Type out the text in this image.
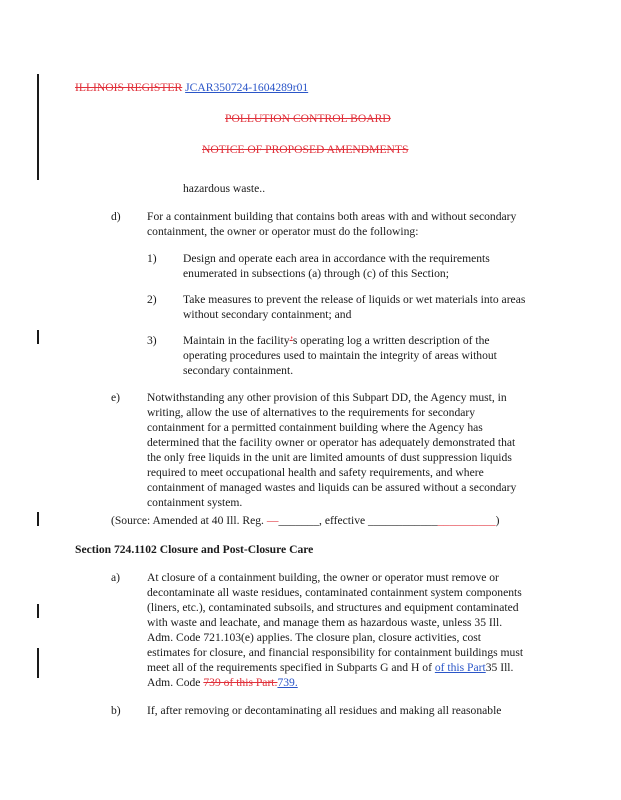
ILLINOIS REGISTER JCAR350724-1604289r01
POLLUTION CONTROL BOARD
NOTICE OF PROPOSED AMENDMENTS
hazardous waste..
d) For a containment building that contains both areas with and without secondary
containment, the owner or operator must do the following:
1) Design and operate each area in accordance with the requirements
enumerated in subsections (a) through (c) of this Section;
2) Take measures to prevent the release of liquids or wet materials into areas
without secondary containment; and
3) Maintain in the facility’s operating log a written description of the
operating procedures used to maintain the integrity of areas without
secondary containment.
e) Notwithstanding any other provision of this Subpart DD, the Agency must, in
writing, allow the use of alternatives to the requirements for secondary
containment for a permitted containment building where the Agency has
determined that the facility owner or operator has adequately demonstrated that
the only free liquids in the unit are limited amounts of dust suppression liquids
required to meet occupational health and safety requirements, and where
containment of managed wastes and liquids can be assured without a secondary
containment system.
(Source: Amended at 40 Ill. Reg. —_______, effective ______________________)
Section 724.1102 Closure and Post-Closure Care
a) At closure of a containment building, the owner or operator must remove or
decontaminate all waste residues, contaminated containment system components
(liners, etc.), contaminated subsoils, and structures and equipment contaminated
with waste and leachate, and manage them as hazardous waste, unless 35 Ill.
Adm. Code 721.103(e) applies. The closure plan, closure activities, cost
estimates for closure, and financial responsibility for containment buildings must
meet all of the requirements specified in Subparts G and H of of this Part35 Ill.
Adm. Code 739 of this Part.739.
b) If, after removing or decontaminating all residues and making all reasonable
